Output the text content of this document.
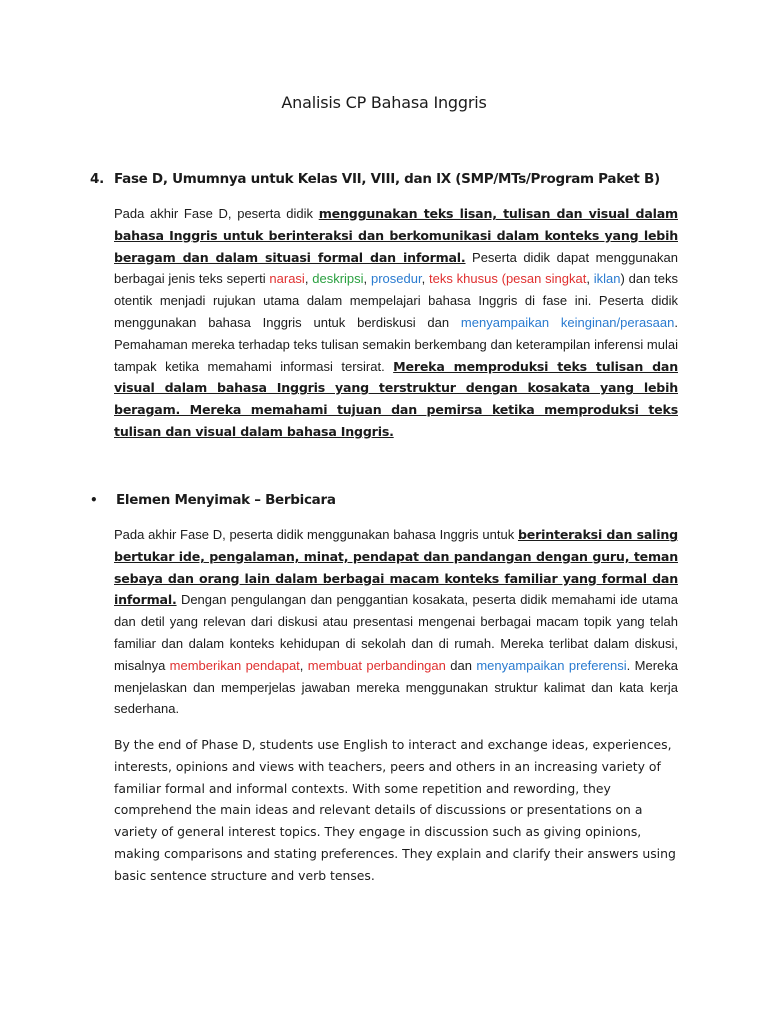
Analisis CP Bahasa Inggris
4. Fase D, Umumnya untuk Kelas VII, VIII, dan IX (SMP/MTs/Program Paket B)

Pada akhir Fase D, peserta didik menggunakan teks lisan, tulisan dan visual dalam bahasa Inggris untuk berinteraksi dan berkomunikasi dalam konteks yang lebih beragam dan dalam situasi formal dan informal. Peserta didik dapat menggunakan berbagai jenis teks seperti narasi, deskripsi, prosedur, teks khusus (pesan singkat, iklan) dan teks otentik menjadi rujukan utama dalam mempelajari bahasa Inggris di fase ini. Peserta didik menggunakan bahasa Inggris untuk berdiskusi dan menyampaikan keinginan/perasaan. Pemahaman mereka terhadap teks tulisan semakin berkembang dan keterampilan inferensi mulai tampak ketika memahami informasi tersirat. Mereka memproduksi teks tulisan dan visual dalam bahasa Inggris yang terstruktur dengan kosakata yang lebih beragam. Mereka memahami tujuan dan pemirsa ketika memproduksi teks tulisan dan visual dalam bahasa Inggris.

• Elemen Menyimak – Berbicara

Pada akhir Fase D, peserta didik menggunakan bahasa Inggris untuk berinteraksi dan saling bertukar ide, pengalaman, minat, pendapat dan pandangan dengan guru, teman sebaya dan orang lain dalam berbagai macam konteks familiar yang formal dan informal. Dengan pengulangan dan penggantian kosakata, peserta didik memahami ide utama dan detil yang relevan dari diskusi atau presentasi mengenai berbagai macam topik yang telah familiar dan dalam konteks kehidupan di sekolah dan di rumah. Mereka terlibat dalam diskusi, misalnya memberikan pendapat, membuat perbandingan dan menyampaikan preferensi. Mereka menjelaskan dan memperjelas jawaban mereka menggunakan struktur kalimat dan kata kerja sederhana.

By the end of Phase D, students use English to interact and exchange ideas, experiences, interests, opinions and views with teachers, peers and others in an increasing variety of familiar formal and informal contexts. With some repetition and rewording, they comprehend the main ideas and relevant details of discussions or presentations on a variety of general interest topics. They engage in discussion such as giving opinions, making comparisons and stating preferences. They explain and clarify their answers using basic sentence structure and verb tenses.
